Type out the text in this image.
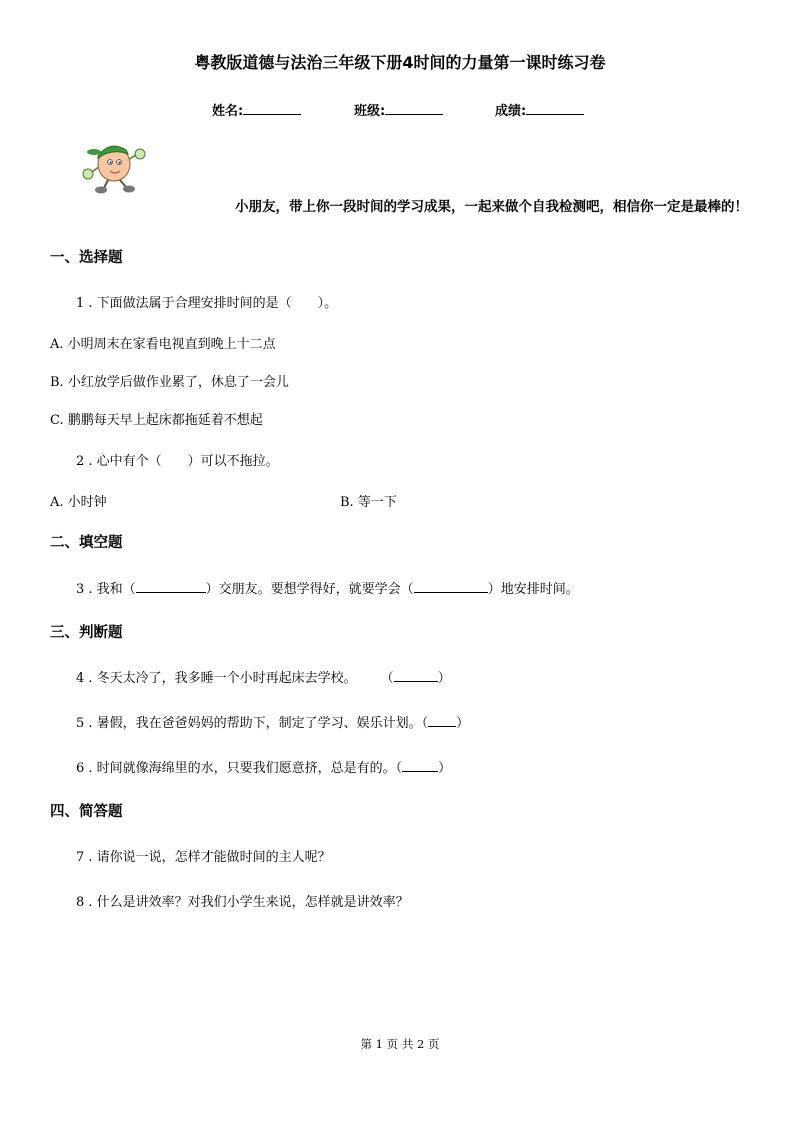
粤教版道德与法治三年级下册4时间的力量第一课时练习卷
姓名:	班级:	成绩:
小朋友，带上你一段时间的学习成果，一起来做个自我检测吧，相信你一定是最棒的！
一、选择题
1 . 下面做法属于合理安排时间的是（　　）。
A. 小明周末在家看电视直到晚上十二点
B. 小红放学后做作业累了，休息了一会儿
C. 鹏鹏每天早上起床都拖延着不想起
2 . 心中有个（　　）可以不拖拉。
A. 小时钟	B. 等一下
二、填空题
3 . 我和（	）交朋友。要想学得好，就要学会（	）地安排时间。
三、判断题
4 . 冬天太冷了，我多睡一个小时再起床去学校。 （	）
5 . 暑假，我在爸爸妈妈的帮助下，制定了学习、娱乐计划。（ ）
6 . 时间就像海绵里的水，只要我们愿意挤，总是有的。（	）
四、简答题
7 . 请你说一说，怎样才能做时间的主人呢？
8 . 什么是讲效率？对我们小学生来说，怎样就是讲效率？
第 1 页 共 2 页
